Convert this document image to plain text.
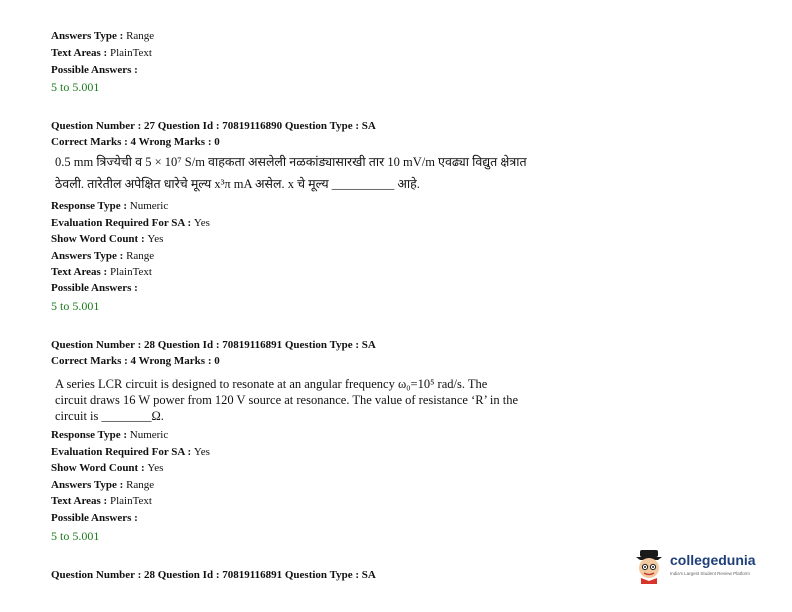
Answers Type : Range
Text Areas : PlainText
Possible Answers :
5 to 5.001
Question Number : 27 Question Id : 70819116890 Question Type : SA
Correct Marks : 4 Wrong Marks : 0
0.5 mm त्रिज्येची व 5 × 10⁷ S/m वाहकता असलेली नळकांड्यासारखी तार 10 mV/m एवढ्या विद्युत क्षेत्रात
ठेवली. तारेतील अपेक्षित धारेचे मूल्य x³π mA असेल. x चे मूल्य __________ आहे.
Response Type : Numeric
Evaluation Required For SA : Yes
Show Word Count : Yes
Answers Type : Range
Text Areas : PlainText
Possible Answers :
5 to 5.001
Question Number : 28 Question Id : 70819116891 Question Type : SA
Correct Marks : 4 Wrong Marks : 0
A series LCR circuit is designed to resonate at an angular frequency ω₀=10⁵ rad/s. The
circuit draws 16 W power from 120 V source at resonance. The value of resistance ‘R’ in the
circuit is ________Ω.
Response Type : Numeric
Evaluation Required For SA : Yes
Show Word Count : Yes
Answers Type : Range
Text Areas : PlainText
Possible Answers :
5 to 5.001
Question Number : 28 Question Id : 70819116891 Question Type : SA
collegedunia
India's Largest Student Review Platform
